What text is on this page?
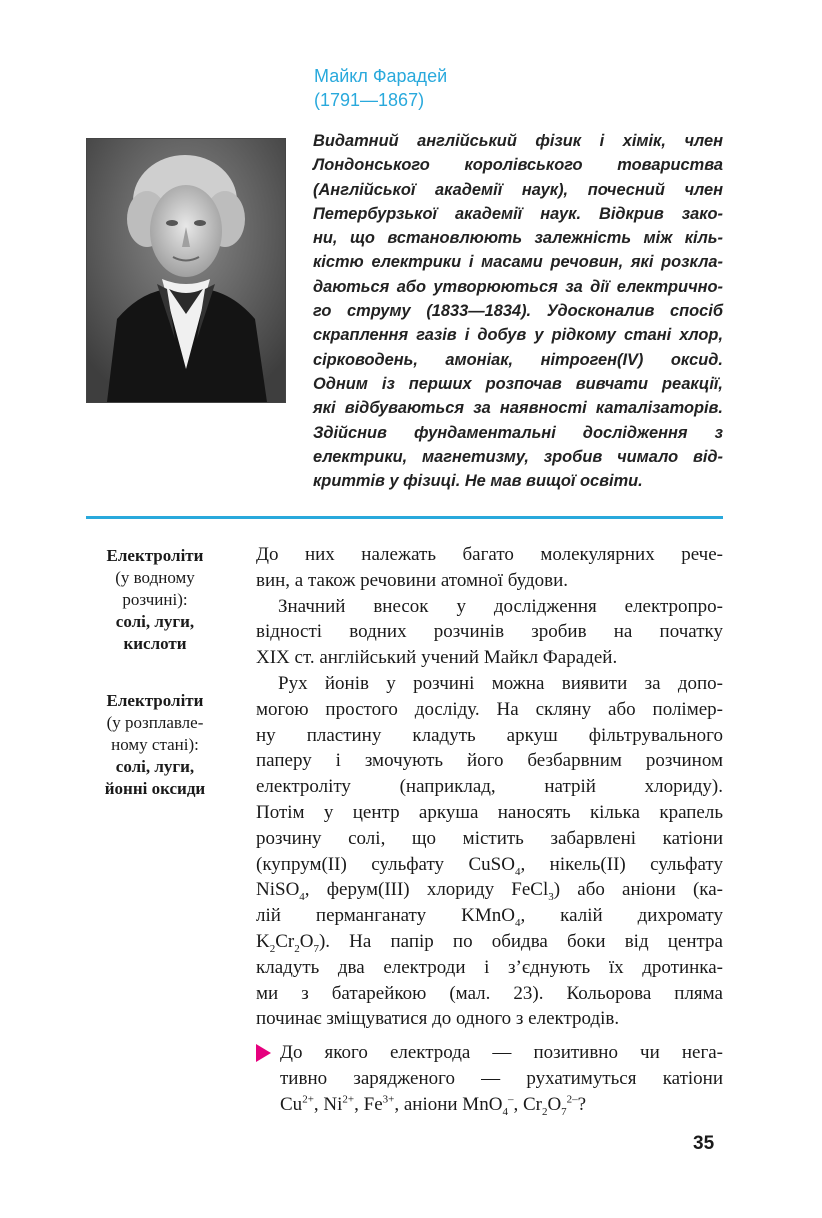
Майкл Фарадей
(1791—1867)
Видатний англійський фізик і хімік, член
Лондонського королівського товариства
(Англійської академії наук), почесний член
Петербурзької академії наук. Відкрив зако-
ни, що встановлюють залежність між кіль-
кістю електрики і масами речовин, які розкла-
даються або утворюються за дії електрично-
го струму (1833—1834). Удосконалив спосіб
скраплення газів і добув у рідкому стані хлор,
сірководень, амоніак, нітроген(IV) оксид.
Одним із перших розпочав вивчати реакції,
які відбуваються за наявності каталізаторів.
Здійснив фундаментальні дослідження з
електрики, магнетизму, зробив чимало від-
криттів у фізиці. Не мав вищої освіти.
Електроліти
(у водному
розчині):
солі, луги,
кислоти
Електроліти
(у розплавле-
ному стані):
солі, луги,
йонні оксиди

До них належать багато молекулярних рече-
вин, а також речовини атомної будови.

Значний внесок у дослідження електропро-
відності водних розчинів зробив на початку
XIX ст. англійський учений Майкл Фарадей.

Рух йонів у розчині можна виявити за допо-
могою простого досліду. На скляну або полімер-
ну пластину кладуть аркуш фільтрувального
паперу і змочують його безбарвним розчином
електроліту (наприклад, натрій хлориду).
Потім у центр аркуша наносять кілька крапель
розчину солі, що містить забарвлені катіони
(купрум(II) сульфату CuSO$_4$, нікель(II) сульфату
NiSO$_4$, ферум(III) хлориду FeCl$_3$) або аніони (ка-
лій перманганату KMnO$_4$, калій дихромату
$K_2Cr_2O_7$). На папір по обидва боки від центра
кладуть два електроди і з’єднують їх дротинка-
ми з батарейкою (мал. 23). Кольорова пляма
починає зміщуватися до одного з електродів.

До якого електрода — позитивно чи нега-
тивно зарядженого — рухатимуться катіони
$Cu^{2+}$, $Ni^{2+}$, $Fe^{3+}$, аніони MnO$_4$–, $Cr_2O_7^{2-}$?
35
